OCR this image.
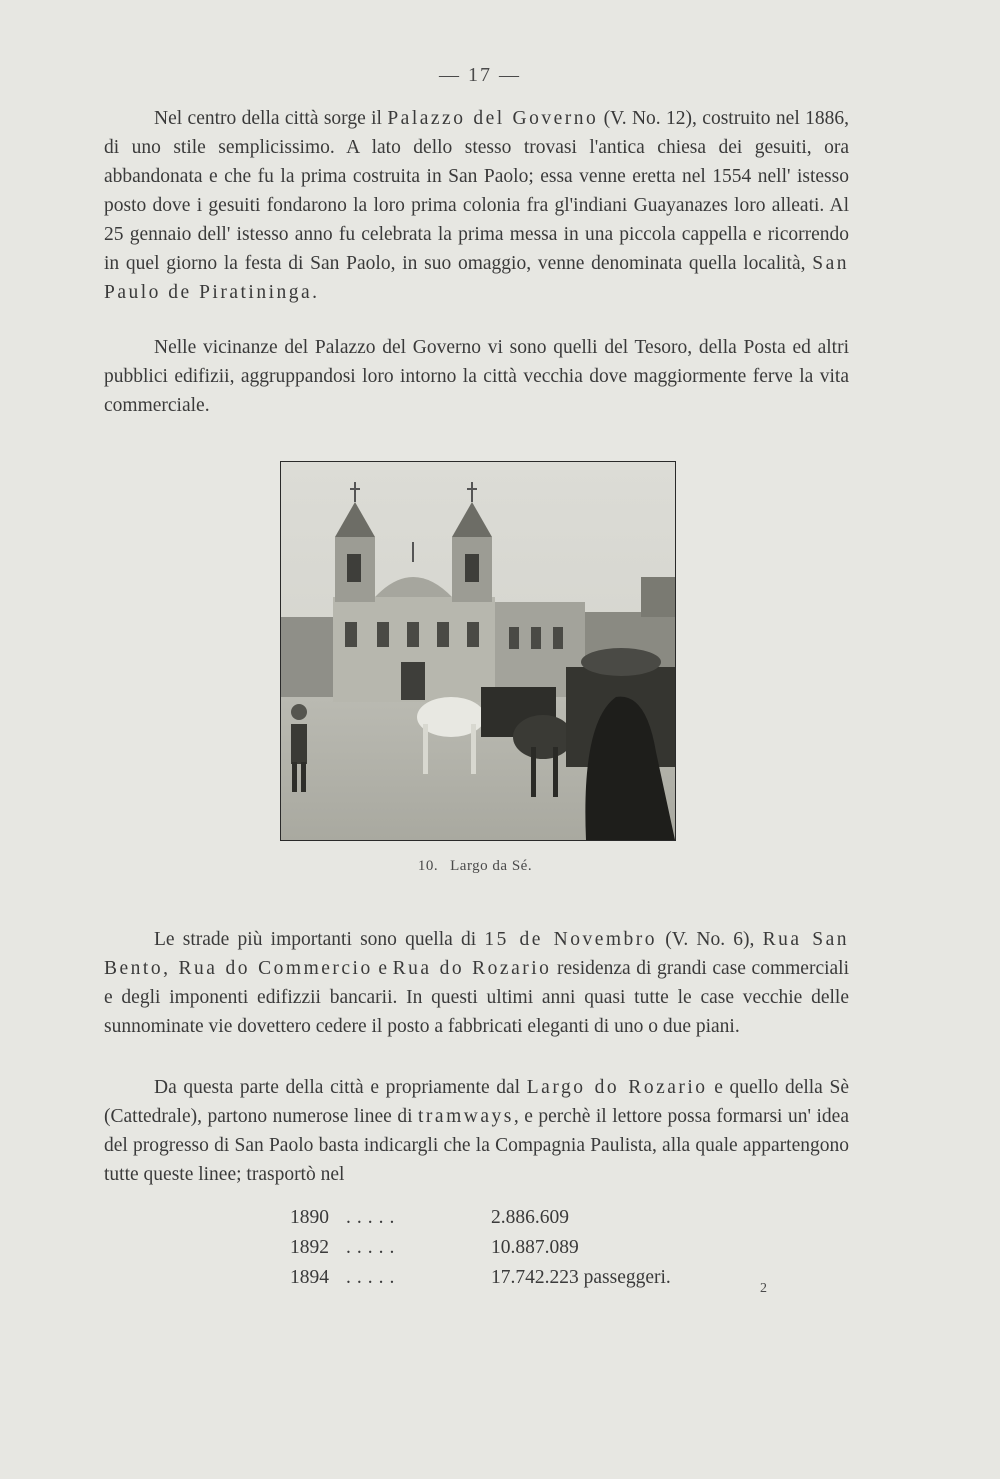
— 17 —

Nel centro della città sorge il Palazzo del Governo (V. No. 12), costruito nel 1886, di uno stile semplicissimo. A lato dello stesso trovasi l'antica chiesa dei gesuiti, ora abbandonata e che fu la prima costruita in San Paolo; essa venne eretta nel 1554 nell' istesso posto dove i gesuiti fondarono la loro prima colonia fra gl'indiani Guayanazes loro alleati. Al 25 gennaio dell' istesso anno fu celebrata la prima messa in una piccola cappella e ricorrendo in quel giorno la festa di San Paolo, in suo omaggio, venne denominata quella località, San Paulo de Piratininga.

Nelle vicinanze del Palazzo del Governo vi sono quelli del Tesoro, della Posta ed altri pubblici edifizii, aggruppandosi loro intorno la città vecchia dove maggiormente ferve la vita commerciale.

10. Largo da Sé.

Le strade più importanti sono quella di 15 de Novembro (V. No. 6), Rua San Bento, Rua do Commercio e Rua do Rozario residenza di grandi case commerciali e degli imponenti edifizzii bancarii. In questi ultimi anni quasi tutte le case vecchie delle sunnominate vie dovettero cedere il posto a fabbricati eleganti di uno o due piani.

Da questa parte della città e propriamente dal Largo do Rozario e quello della Sè (Cattedrale), partono numerose linee di tramways, e perchè il lettore possa formarsi un' idea del progresso di San Paolo basta indicargli che la Compagnia Paulista, alla quale appartengono tutte queste linee; trasportò nel

1890 .....	2.886.609
1892 .....	10.887.089
1894 .....	17.742.223 passeggeri.
2
